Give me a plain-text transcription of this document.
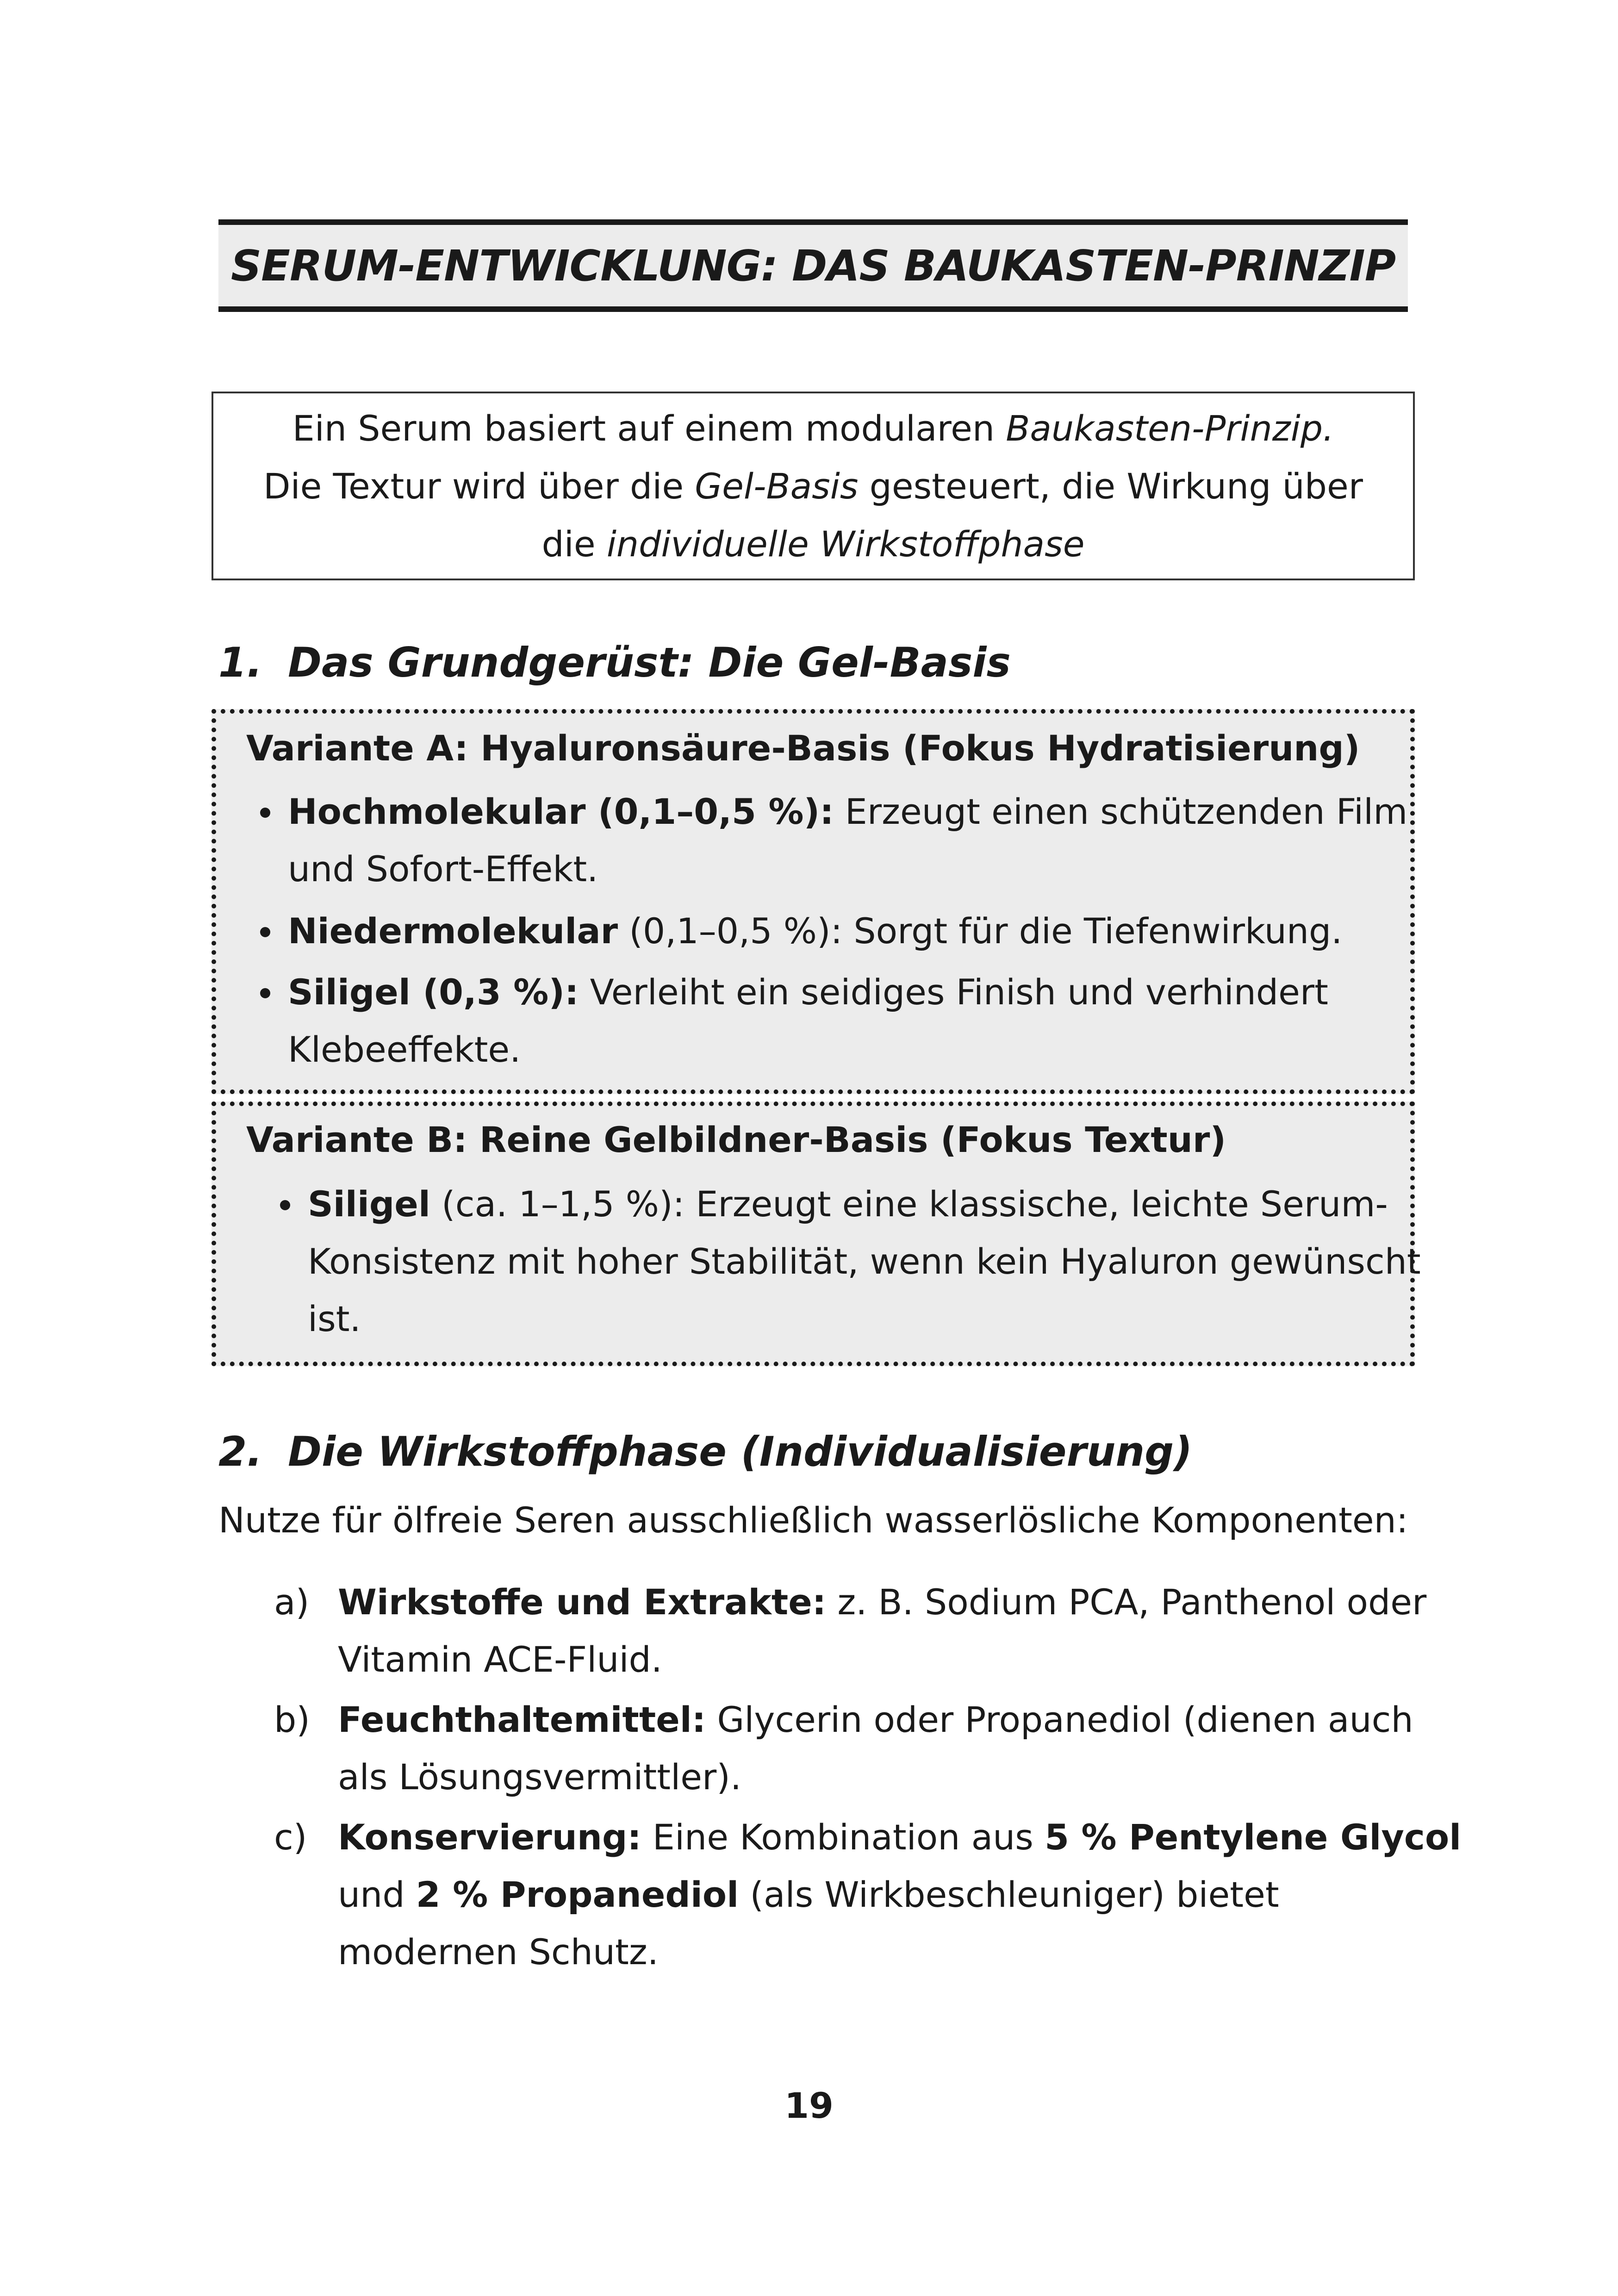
SERUM-ENTWICKLUNG: DAS BAUKASTEN-PRINZIP

Ein Serum basiert auf einem modularen Baukasten-Prinzip.

Die Textur wird über die Gel-Basis gesteuert, die Wirkung über

die individuelle Wirkstoffphase

1. Das Grundgerüst: Die Gel-Basis
Variante A: Hyaluronsäure-Basis (Fokus Hydratisierung)
Hochmolekular (0,1–0,5 %): Erzeugt einen schützenden Film
und Sofort-Effekt.
Niedermolekular (0,1–0,5 %): Sorgt für die Tiefenwirkung.
Siligel (0,3 %): Verleiht ein seidiges Finish und verhindert
Klebeeffekte.
Variante B: Reine Gelbildner-Basis (Fokus Textur)
Siligel (ca. 1–1,5 %): Erzeugt eine klassische, leichte Serum-
Konsistenz mit hoher Stabilität, wenn kein Hyaluron gewünscht
ist.
2. Die Wirkstoffphase (Individualisierung)

Nutze für ölfreie Seren ausschließlich wasserlösliche Komponenten:

a) Wirkstoffe und Extrakte: z. B. Sodium PCA, Panthenol oder
Vitamin ACE-Fluid.
b) Feuchthaltemittel: Glycerin oder Propanediol (dienen auch
als Lösungsvermittler).
c) Konservierung: Eine Kombination aus 5 % Pentylene Glycol
und 2 % Propanediol (als Wirkbeschleuniger) bietet
modernen Schutz.
19
